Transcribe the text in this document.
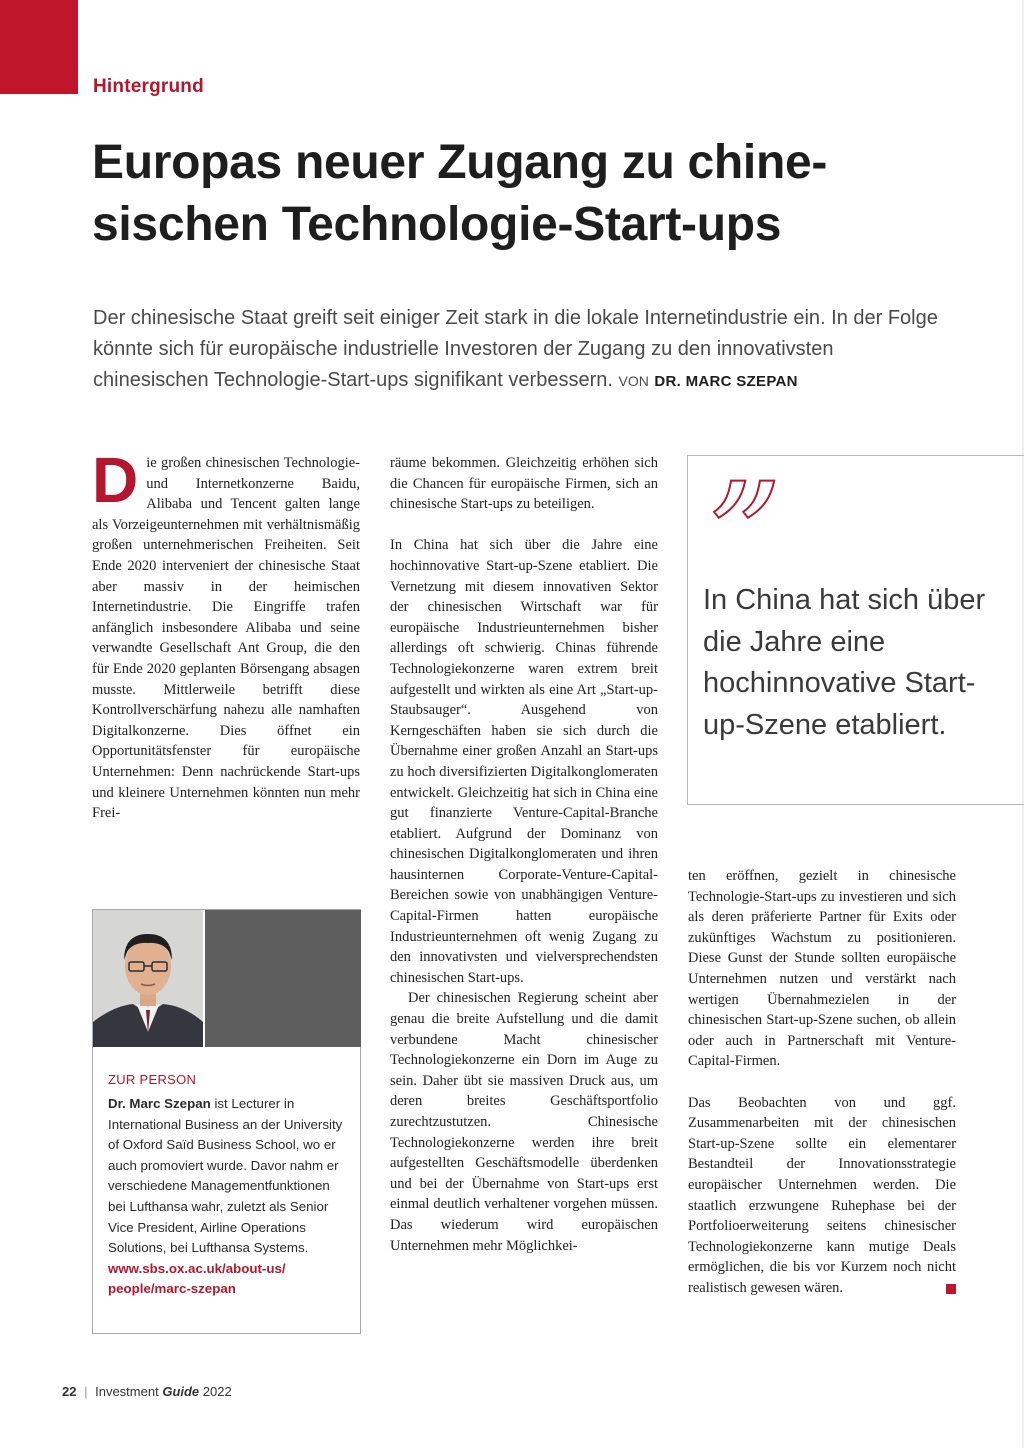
Hintergrund
Europas neuer Zugang zu chine-
sischen Technologie-Start-ups

Der chinesische Staat greift seit einiger Zeit stark in die lokale Internetindustrie ein. In der Folge könnte sich für europäische industrielle Investoren der Zugang zu den innovativsten chinesischen Technologie-Start-ups signifikant verbessern. VON DR. MARC SZEPAN

D ie großen chinesischen Technologie- und Internetkonzerne Baidu, Alibaba und Tencent galten lange als Vorzeigeunternehmen mit verhältnismäßig großen unternehmerischen Freiheiten. Seit Ende 2020 interveniert der chinesische Staat aber massiv in der heimischen Internetindustrie. Die Eingriffe trafen anfänglich insbesondere Alibaba und seine verwandte Gesellschaft Ant Group, die den für Ende 2020 geplanten Börsengang absagen musste. Mittlerweile betrifft diese Kontrollverschärfung nahezu alle namhaften Digitalkonzerne. Dies öffnet ein Opportunitätsfenster für europäische Unternehmen: Denn nachrückende Start-ups und kleinere Unternehmen könnten nun mehr Frei-

räume bekommen. Gleichzeitig erhöhen sich die Chancen für europäische Firmen, sich an chinesische Start-ups zu beteiligen.

In China hat sich über die Jahre eine hochinnovative Start-up-Szene etabliert. Die Vernetzung mit diesem innovativen Sektor der chinesischen Wirtschaft war für europäische Industrieunternehmen bisher allerdings oft schwierig. Chinas führende Technologiekonzerne waren extrem breit aufgestellt und wirkten als eine Art „Start-up-Staubsauger“. Ausgehend von Kerngeschäften haben sie sich durch die Übernahme einer großen Anzahl an Start-ups zu hoch diversifizierten Digitalkonglomeraten entwickelt. Gleichzeitig hat sich in China eine gut finanzierte Venture-Capital-Branche etabliert. Aufgrund der Dominanz von chinesischen Digitalkonglomeraten und ihren hausinternen Corporate-Venture-Capital-Bereichen sowie von unabhängigen Venture-Capital-Firmen hatten europäische Industrieunternehmen oft wenig Zugang zu den innovativsten und vielversprechendsten chinesischen Start-ups.

Der chinesischen Regierung scheint aber genau die breite Aufstellung und die damit verbundene Macht chinesischer Technologiekonzerne ein Dorn im Auge zu sein. Daher übt sie massiven Druck aus, um deren breites Geschäftsportfolio zurechtzustutzen. Chinesische Technologiekonzerne werden ihre breit aufgestellten Geschäftsmodelle überdenken und bei der Übernahme von Start-ups erst einmal deutlich verhaltener vorgehen müssen. Das wiederum wird europäischen Unternehmen mehr Möglichkei-

”
In China hat sich über die Jahre eine hochinnovative Start-up-Szene etabliert.

ten eröffnen, gezielt in chinesische Technologie-Start-ups zu investieren und sich als deren präferierte Partner für Exits oder zukünftiges Wachstum zu positionieren. Diese Gunst der Stunde sollten europäische Unternehmen nutzen und verstärkt nach wertigen Übernahmezielen in der chinesischen Start-up-Szene suchen, ob allein oder auch in Partnerschaft mit Venture-Capital-Firmen.

Das Beobachten von und ggf. Zusammenarbeiten mit der chinesischen Start-up-Szene sollte ein elementarer Bestandteil der Innovationsstrategie europäischer Unternehmen werden. Die staatlich erzwungene Ruhephase bei der Portfolioerweiterung seitens chinesischer Technologiekonzerne kann mutige Deals ermöglichen, die bis vor Kurzem noch nicht realistisch gewesen wären.

ZUR PERSON
Dr. Marc Szepan ist Lecturer in International Business an der University of Oxford Saïd Business School, wo er auch promoviert wurde. Davor nahm er verschiedene Managementfunktionen bei Lufthansa wahr, zuletzt als Senior Vice President, Airline Operations Solutions, bei Lufthansa Systems.
www.sbs.ox.ac.uk/about-us/
people/marc-szepan
22 | Investment Guide 2022
